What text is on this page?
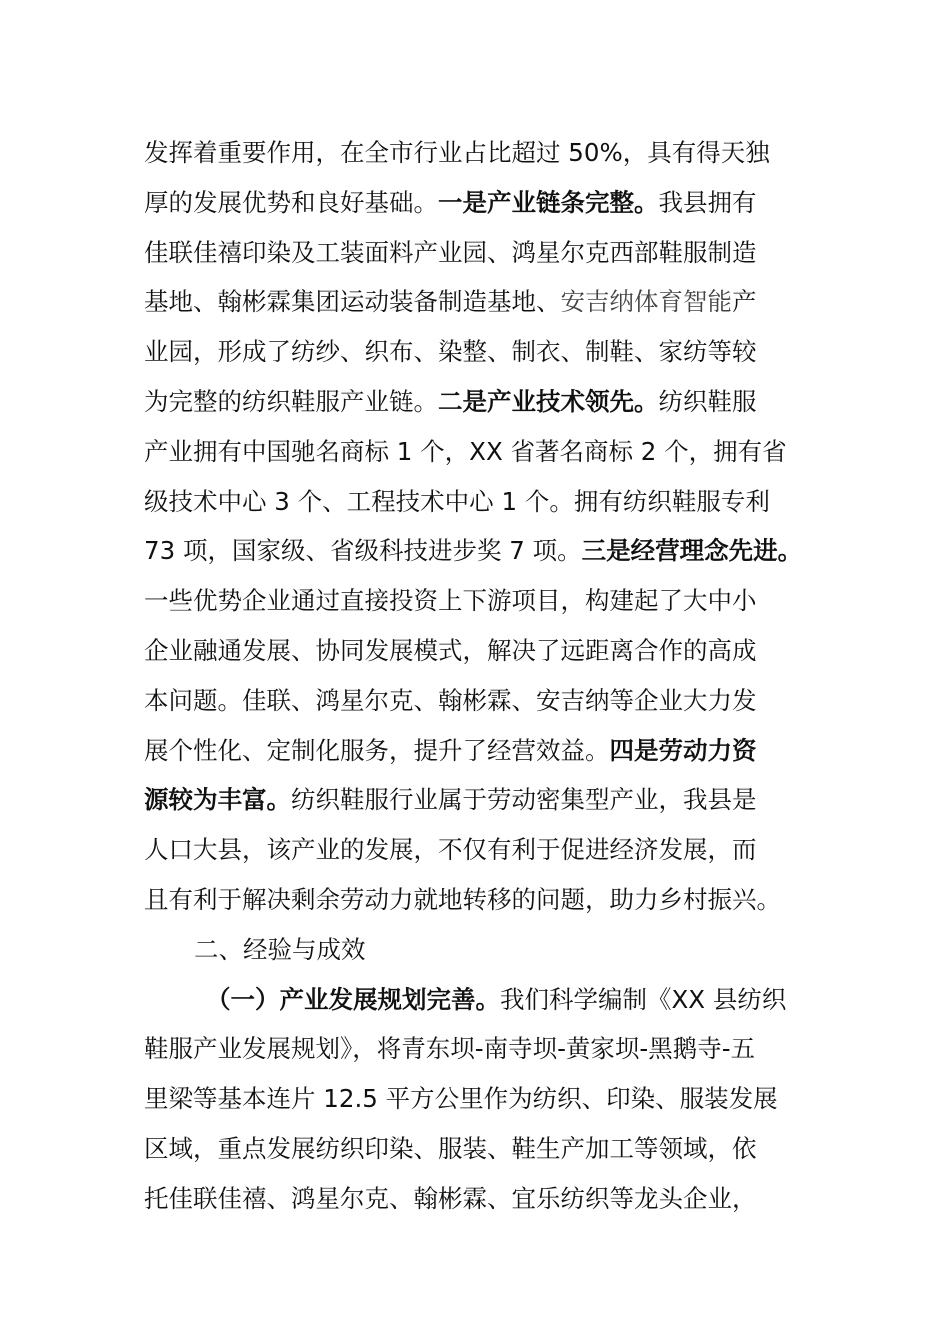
发挥着重要作用，在全市行业占比超过 50%，具有得天独
厚的发展优势和良好基础。一是产业链条完整。我县拥有
佳联佳禧印染及工装面料产业园、鸿星尔克西部鞋服制造
基地、翰彬霖集团运动装备制造基地、安吉纳体育智能产
业园，形成了纺纱、织布、染整、制衣、制鞋、家纺等较
为完整的纺织鞋服产业链。二是产业技术领先。纺织鞋服
产业拥有中国驰名商标 1 个，XX 省著名商标 2 个，拥有省
级技术中心 3 个、工程技术中心 1 个。拥有纺织鞋服专利
73 项，国家级、省级科技进步奖 7 项。三是经营理念先进。
一些优势企业通过直接投资上下游项目，构建起了大中小
企业融通发展、协同发展模式，解决了远距离合作的高成
本问题。佳联、鸿星尔克、翰彬霖、安吉纳等企业大力发
展个性化、定制化服务，提升了经营效益。四是劳动力资
源较为丰富。纺织鞋服行业属于劳动密集型产业，我县是
人口大县，该产业的发展，不仅有利于促进经济发展，而
且有利于解决剩余劳动力就地转移的问题，助力乡村振兴。
二、经验与成效
（一）产业发展规划完善。我们科学编制《XX 县纺织
鞋服产业发展规划》，将青东坝-南寺坝-黄家坝-黑鹅寺-五
里梁等基本连片 12.5 平方公里作为纺织、印染、服装发展
区域，重点发展纺织印染、服装、鞋生产加工等领域，依
托佳联佳禧、鸿星尔克、翰彬霖、宜乐纺织等龙头企业，
